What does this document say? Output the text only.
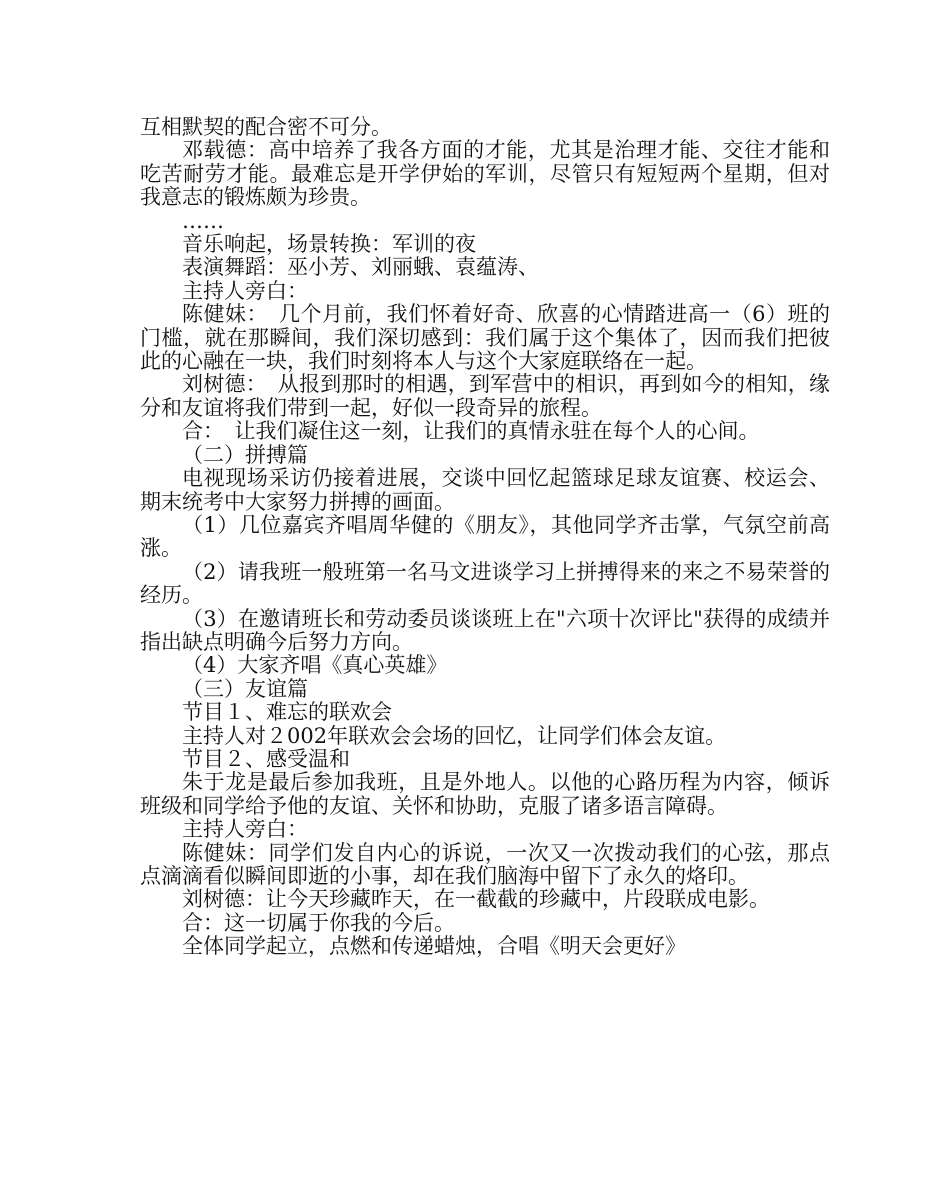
互相默契的配合密不可分。

邓载德：高中培养了我各方面的才能，尤其是治理才能、交往才能和吃苦耐劳才能。最难忘是开学伊始的军训，尽管只有短短两个星期，但对我意志的锻炼颇为珍贵。

……

音乐响起，场景转换：军训的夜

表演舞蹈：巫小芳、刘丽蛾、袁蕴涛、

主持人旁白：

陈健妹：　几个月前，我们怀着好奇、欣喜的心情踏进高一（6）班的门槛，就在那瞬间，我们深切感到：我们属于这个集体了，因而我们把彼此的心融在一块，我们时刻将本人与这个大家庭联络在一起。

刘树德：　从报到那时的相遇，到军营中的相识，再到如今的相知，缘分和友谊将我们带到一起，好似一段奇异的旅程。

合：　让我们凝住这一刻，让我们的真情永驻在每个人的心间。

（二）拼搏篇

电视现场采访仍接着进展，交谈中回忆起篮球足球友谊赛、校运会、期末统考中大家努力拼搏的画面。

（1）几位嘉宾齐唱周华健的《朋友》，其他同学齐击掌，气氛空前高涨。

（2）请我班一般班第一名马文进谈学习上拼搏得来的来之不易荣誉的经历。

（3）在邀请班长和劳动委员谈谈班上在"六项十次评比"获得的成绩并指出缺点明确今后努力方向。

（4）大家齐唱《真心英雄》

（三）友谊篇

节目１、难忘的联欢会

主持人对２002年联欢会会场的回忆，让同学们体会友谊。

节目２、感受温和

朱于龙是最后参加我班，且是外地人。以他的心路历程为内容，倾诉班级和同学给予他的友谊、关怀和协助，克服了诸多语言障碍。

主持人旁白：

陈健妹：同学们发自内心的诉说，一次又一次拨动我们的心弦，那点点滴滴看似瞬间即逝的小事，却在我们脑海中留下了永久的烙印。

刘树德：让今天珍藏昨天，在一截截的珍藏中，片段联成电影。

合：这一切属于你我的今后。

全体同学起立，点燃和传递蜡烛，合唱《明天会更好》
